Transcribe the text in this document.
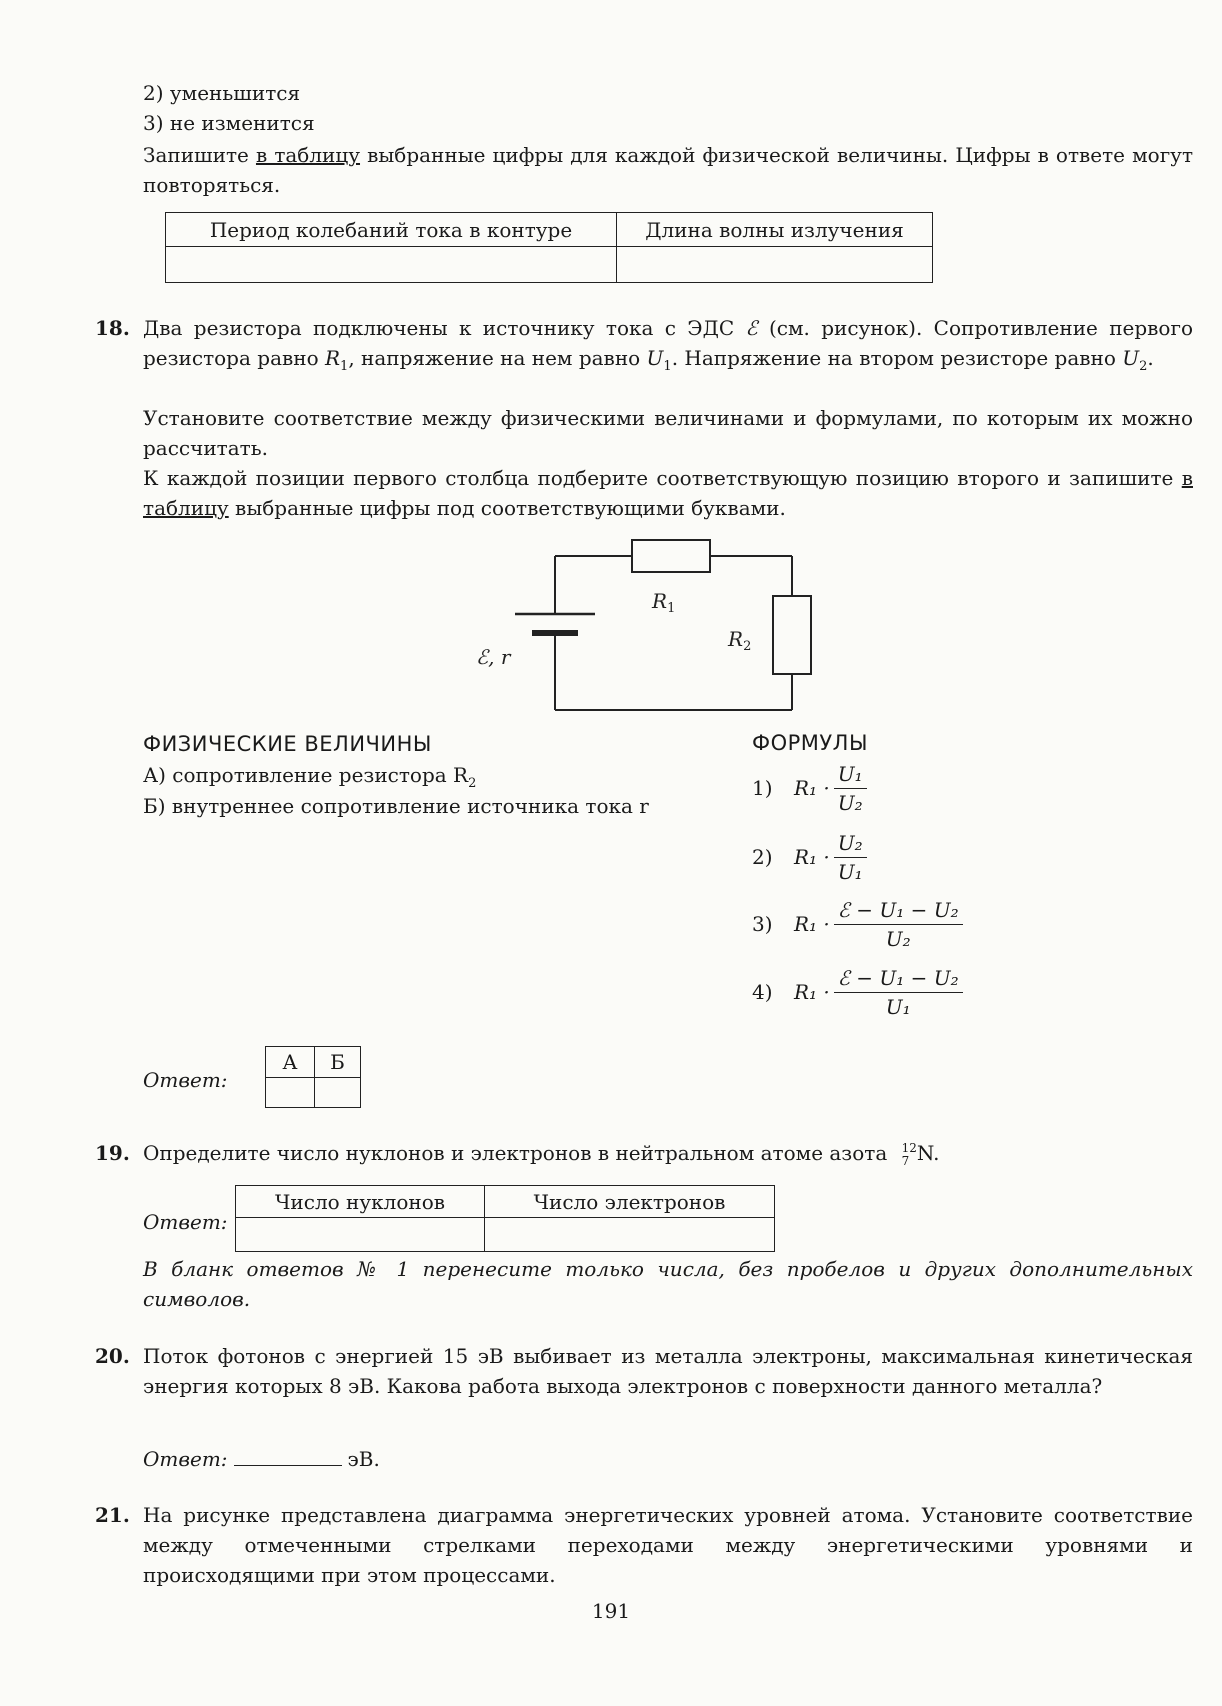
2) уменьшится
3) не изменится
Запишите в таблицу выбранные цифры для каждой физической величины. Цифры в ответе могут повторяться.
Период колебаний тока в контуре	Длина волны излучения

18. Два резистора подключены к источнику тока с ЭДС ℰ (см. рисунок). Сопротивление первого резистора равно $R_1$, напряжение на нем равно $U_1$. Напряжение на втором резисторе равно $U_2$.
Установите соответствие между физическими величинами и формулами, по которым их можно рассчитать.
К каждой позиции первого столбца подберите соответствующую позицию второго и запишите в таблицу выбранные цифры под соответствующими буквами.
$R_1$
$R_2$
ℰ, r
ФИЗИЧЕСКИЕ ВЕЛИЧИНЫ
А) сопротивление резистора $R_2$
Б) внутреннее сопротивление источника тока r
ФОРМУЛЫ
1)	$R_1 \cdot \frac{\text{U₁}}{\text{U₂}}$
2)	$R_1 \cdot \frac{\text{U₂}}{\text{U₁}}$
3)	$R_1 \cdot \frac{\text{ℰ − U₁ − U₂}}{\text{U₂}}$
4)	$R_1 \cdot \frac{\text{ℰ − U₁ − U₂}}{\text{U₁}}$
Ответ:
А	Б

19. Определите число нуклонов и электронов в нейтральном атоме азота 12
7 N.
Ответ:
Число нуклонов	Число электронов

В бланк ответов № 1 перенесите только числа, без пробелов и других дополнительных символов.
20. Поток фотонов с энергией 15 эВ выбивает из металла электроны, максимальная кинетическая энергия которых 8 эВ. Какова работа выхода электронов с поверхности данного металла?
Ответ:	эВ.
21. На рисунке представлена диаграмма энергетических уровней атома. Установите соответствие между отмеченными стрелками переходами между энергетическими уровнями и происходящими при этом процессами.
191
